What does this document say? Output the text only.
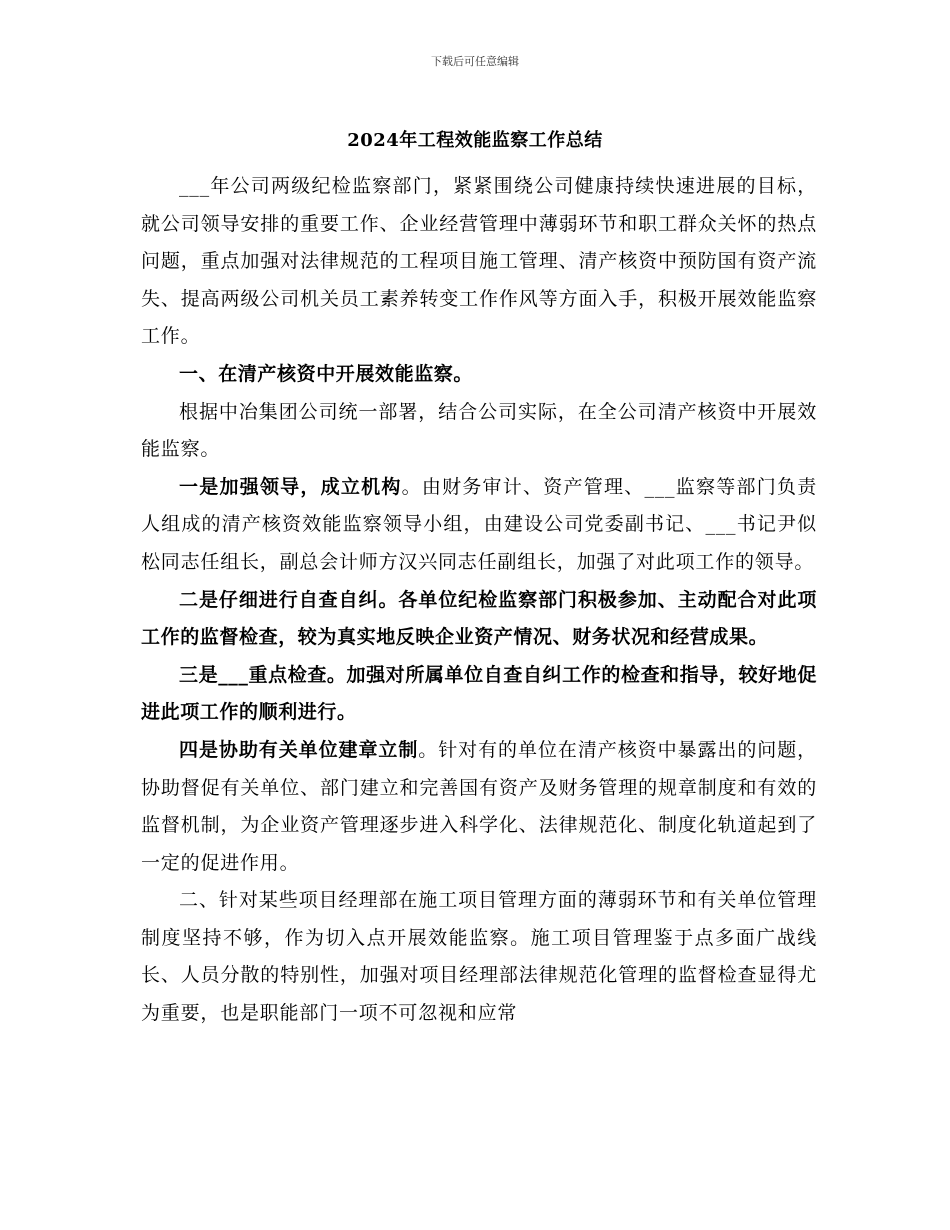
下载后可任意编辑
2024年工程效能监察工作总结

___年公司两级纪检监察部门，紧紧围绕公司健康持续快速进展的目标，就公司领导安排的重要工作、企业经营管理中薄弱环节和职工群众关怀的热点问题，重点加强对法律规范的工程项目施工管理、清产核资中预防国有资产流失、提高两级公司机关员工素养转变工作作风等方面入手，积极开展效能监察工作。

一、在清产核资中开展效能监察。

根据中冶集团公司统一部署，结合公司实际，在全公司清产核资中开展效能监察。

一是加强领导，成立机构。由财务审计、资产管理、___监察等部门负责人组成的清产核资效能监察领导小组，由建设公司党委副书记、___书记尹似松同志任组长，副总会计师方汉兴同志任副组长，加强了对此项工作的领导。

二是仔细进行自查自纠。各单位纪检监察部门积极参加、主动配合对此项工作的监督检查，较为真实地反映企业资产情况、财务状况和经营成果。

三是___重点检查。加强对所属单位自查自纠工作的检查和指导，较好地促进此项工作的顺利进行。

四是协助有关单位建章立制。针对有的单位在清产核资中暴露出的问题，协助督促有关单位、部门建立和完善国有资产及财务管理的规章制度和有效的监督机制，为企业资产管理逐步进入科学化、法律规范化、制度化轨道起到了一定的促进作用。

二、针对某些项目经理部在施工项目管理方面的薄弱环节和有关单位管理制度坚持不够，作为切入点开展效能监察。施工项目管理鉴于点多面广战线长、人员分散的特别性，加强对项目经理部法律规范化管理的监督检查显得尤为重要，也是职能部门一项不可忽视和应常
